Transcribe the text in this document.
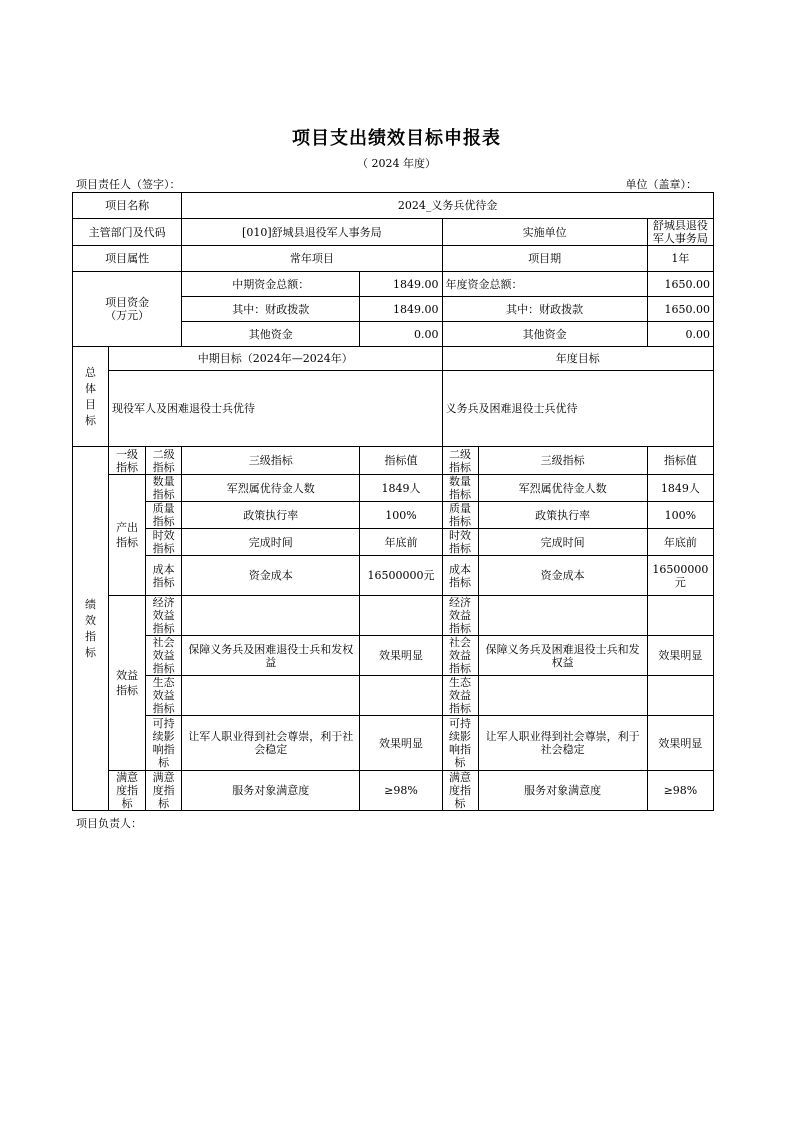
项目支出绩效目标申报表
（ 2024 年度）
项目责任人（签字）：	单位（盖章）：
项目名称			2024_义务兵优待金				
主管部门及代码			[010]舒城县退役军人事务局		实施单位		舒城县退役军人事务局
项目属性			常年项目		项目期		1年

项目资金
（万元）			中期资金总额：	1849.00	年度资金总额：		1650.00
			其中：财政拨款	1849.00	其中：财政拨款		1650.00
			其他资金	0.00	其他资金		0.00

总体目标	中期目标（2024年—2024年）				年度目标		
	现役军人及困难退役士兵优待				义务兵及困难退役士兵优待		

绩效指标	一级指标	二级指标	三级指标	指标值	二级指标	三级指标	指标值

	产出指标	数量指标	军烈属优待金人数	1849人	数量指标	军烈属优待金人数	1849人
		质量指标	政策执行率	100%	质量指标	政策执行率	100%
		时效指标	完成时间	年底前	时效指标	完成时间	年底前
		成本指标	资金成本	16500000元	成本指标	资金成本	16500000元

	效益指标	经济效益指标			经济效益指标		
		社会效益指标	保障义务兵及困难退役士兵和发权益	效果明显	社会效益指标	保障义务兵及困难退役士兵和发权益	效果明显
		生态效益指标			生态效益指标		
		可持续影响指标	让军人职业得到社会尊崇，利于社会稳定	效果明显	可持续影响指标	让军人职业得到社会尊崇，利于社会稳定	效果明显
	满意度指标	满意度指标	服务对象满意度	≥98%	满意度指标	服务对象满意度	≥98%
项目负责人：
